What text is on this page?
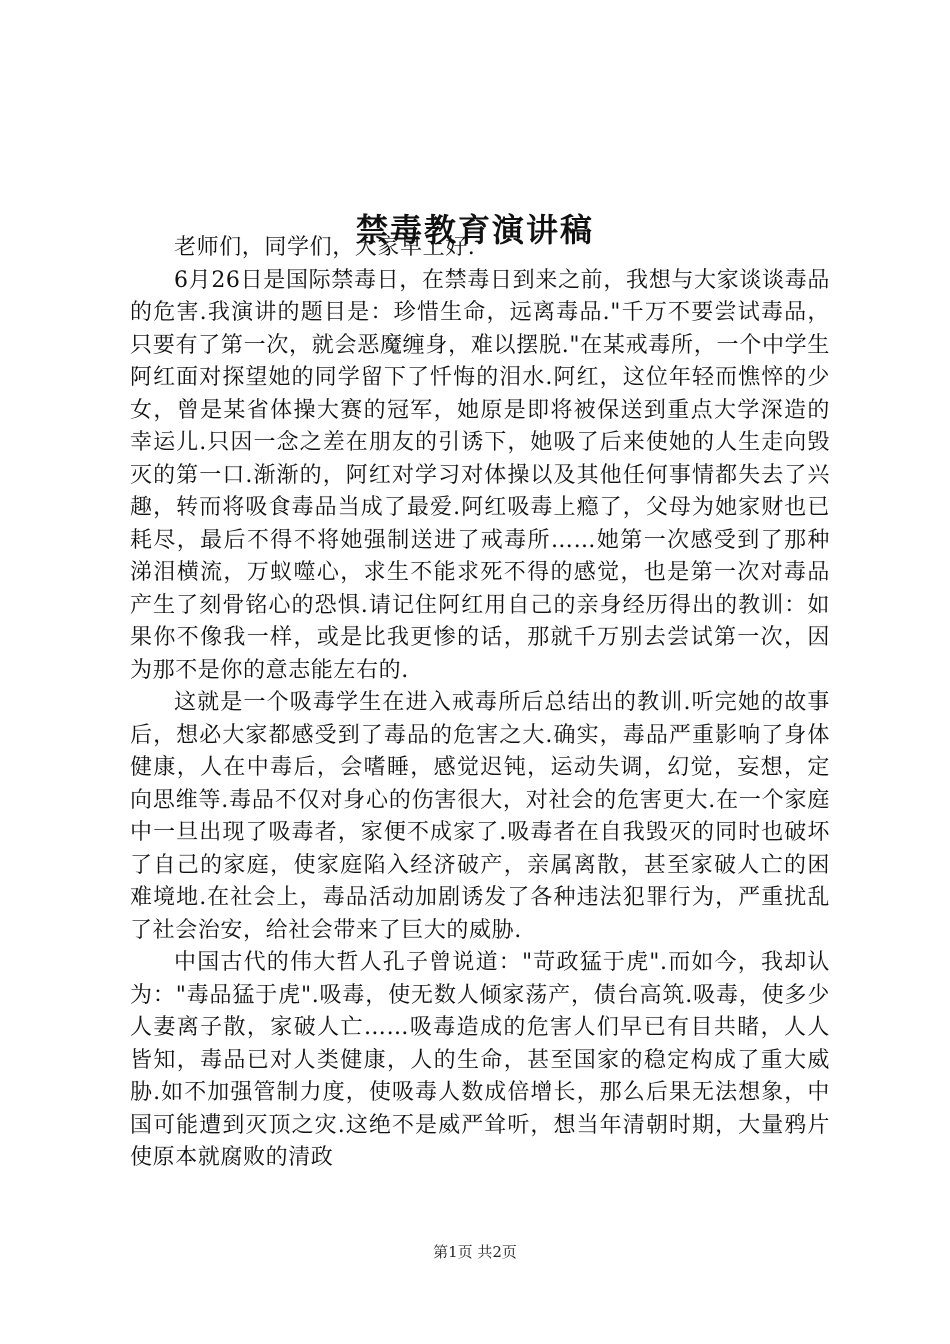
禁毒教育演讲稿

老师们，同学们，大家早上好.

6月26日是国际禁毒日，在禁毒日到来之前，我想与大家谈谈毒品的危害.我演讲的题目是：珍惜生命，远离毒品."千万不要尝试毒品，只要有了第一次，就会恶魔缠身，难以摆脱."在某戒毒所，一个中学生阿红面对探望她的同学留下了忏悔的泪水.阿红，这位年轻而憔悴的少女，曾是某省体操大赛的冠军，她原是即将被保送到重点大学深造的幸运儿.只因一念之差在朋友的引诱下，她吸了后来使她的人生走向毁灭的第一口.渐渐的，阿红对学习对体操以及其他任何事情都失去了兴趣，转而将吸食毒品当成了最爱.阿红吸毒上瘾了，父母为她家财也已耗尽，最后不得不将她强制送进了戒毒所……她第一次感受到了那种涕泪横流，万蚁噬心，求生不能求死不得的感觉，也是第一次对毒品产生了刻骨铭心的恐惧.请记住阿红用自己的亲身经历得出的教训：如果你不像我一样，或是比我更惨的话，那就千万别去尝试第一次，因为那不是你的意志能左右的.

这就是一个吸毒学生在进入戒毒所后总结出的教训.听完她的故事后，想必大家都感受到了毒品的危害之大.确实，毒品严重影响了身体健康，人在中毒后，会嗜睡，感觉迟钝，运动失调，幻觉，妄想，定向思维等.毒品不仅对身心的伤害很大，对社会的危害更大.在一个家庭中一旦出现了吸毒者，家便不成家了.吸毒者在自我毁灭的同时也破坏了自己的家庭，使家庭陷入经济破产，亲属离散，甚至家破人亡的困难境地.在社会上，毒品活动加剧诱发了各种违法犯罪行为，严重扰乱了社会治安，给社会带来了巨大的威胁.

中国古代的伟大哲人孔子曾说道："苛政猛于虎".而如今，我却认为："毒品猛于虎".吸毒，使无数人倾家荡产，债台高筑.吸毒，使多少人妻离子散，家破人亡……吸毒造成的危害人们早已有目共睹，人人皆知，毒品已对人类健康，人的生命，甚至国家的稳定构成了重大威胁.如不加强管制力度，使吸毒人数成倍增长，那么后果无法想象，中国可能遭到灭顶之灾.这绝不是威严耸听，想当年清朝时期，大量鸦片使原本就腐败的清政

第1页 共2页
